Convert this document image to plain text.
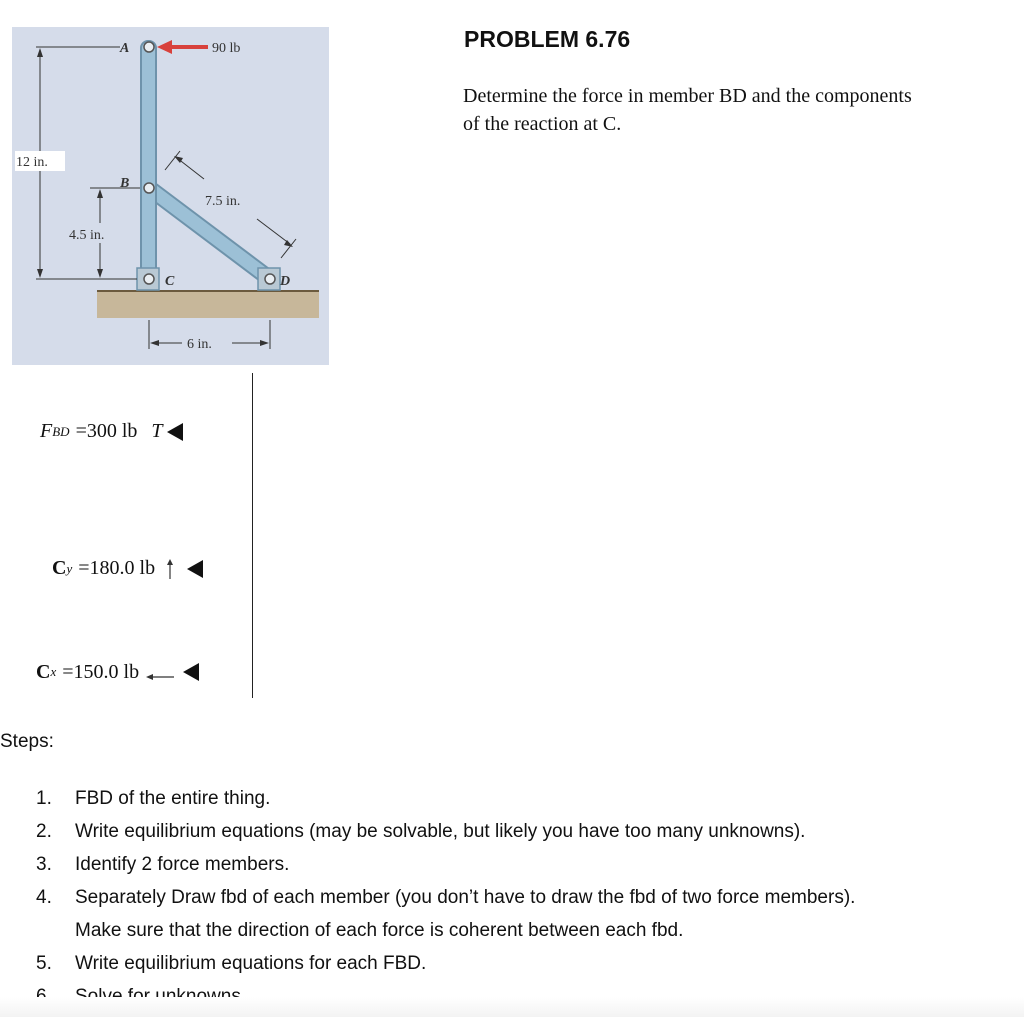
90 lb
A
B
C	D
12 in.
4.5 in.
7.5 in.
6 in.
PROBLEM 6.76
Determine the force in member BD and the components
of the reaction at C.
F BD =300 lb T
C y =180.0 lb
C x =150.0 lb
Steps:
1.	FBD of the entire thing.
2.	Write equilibrium equations (may be solvable, but likely you have too many unknowns).
3.	Identify 2 force members.
4.	Separately Draw fbd of each member (you don’t have to draw the fbd of two force members).
Make sure that the direction of each force is coherent between each fbd.
5.	Write equilibrium equations for each FBD.
